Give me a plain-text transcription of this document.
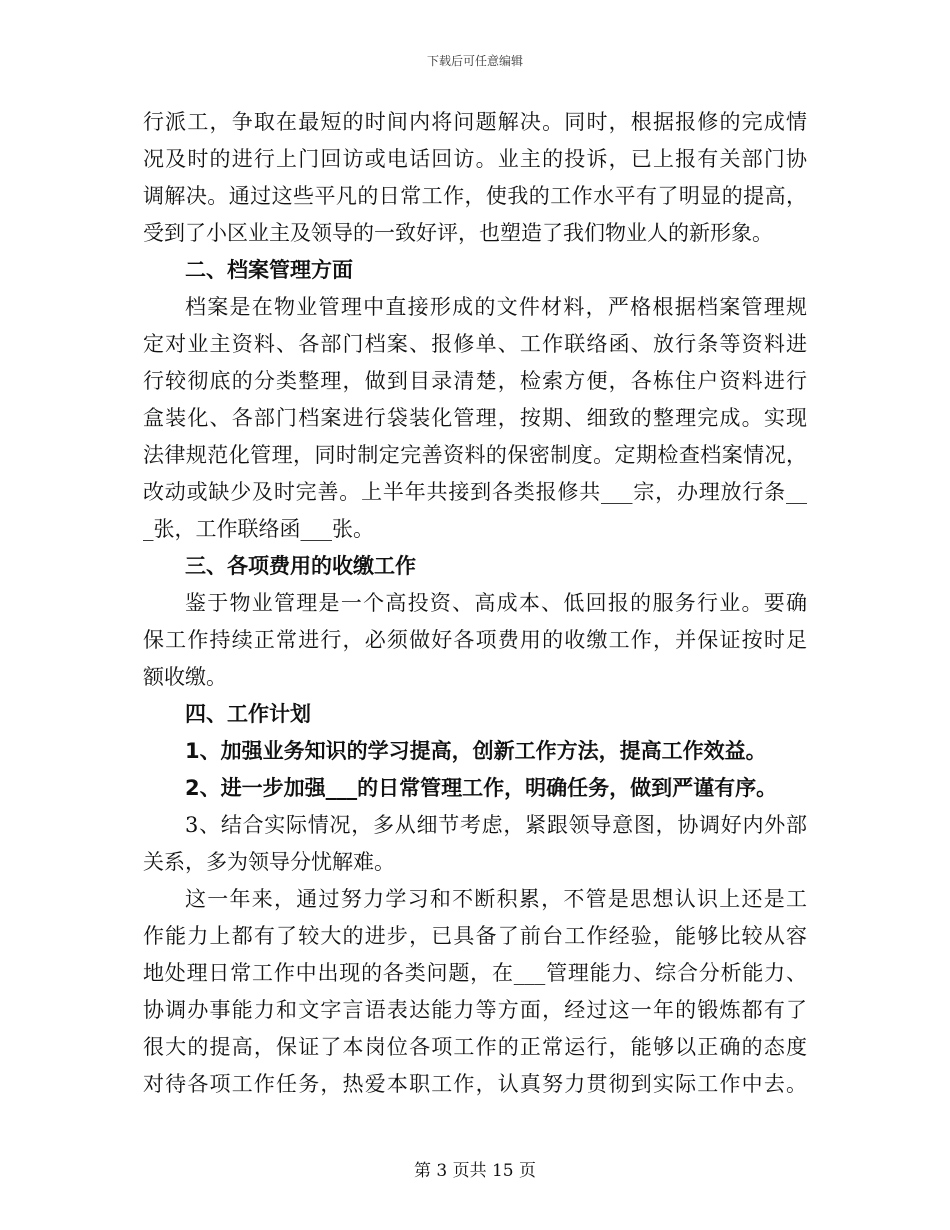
下载后可任意编辑
行派工，争取在最短的时间内将问题解决。同时，根据报修的完成情
况及时的进行上门回访或电话回访。业主的投诉，已上报有关部门协
调解决。通过这些平凡的日常工作，使我的工作水平有了明显的提高，
受到了小区业主及领导的一致好评，也塑造了我们物业人的新形象。
二、档案管理方面
档案是在物业管理中直接形成的文件材料，严格根据档案管理规
定对业主资料、各部门档案、报修单、工作联络函、放行条等资料进
行较彻底的分类整理，做到目录清楚，检索方便，各栋住户资料进行
盒装化、各部门档案进行袋装化管理，按期、细致的整理完成。实现
法律规范化管理，同时制定完善资料的保密制度。定期检查档案情况，
改动或缺少及时完善。上半年共接到各类报修共___宗，办理放行条__
_张，工作联络函___张。
三、各项费用的收缴工作
鉴于物业管理是一个高投资、高成本、低回报的服务行业。要确
保工作持续正常进行，必须做好各项费用的收缴工作，并保证按时足
额收缴。
四、工作计划
1、加强业务知识的学习提高，创新工作方法，提高工作效益。
2、进一步加强___的日常管理工作，明确任务，做到严谨有序。
3、结合实际情况，多从细节考虑，紧跟领导意图，协调好内外部
关系，多为领导分忧解难。
这一年来，通过努力学习和不断积累，不管是思想认识上还是工
作能力上都有了较大的进步，已具备了前台工作经验，能够比较从容
地处理日常工作中出现的各类问题，在___管理能力、综合分析能力、
协调办事能力和文字言语表达能力等方面，经过这一年的锻炼都有了
很大的提高，保证了本岗位各项工作的正常运行，能够以正确的态度
对待各项工作任务，热爱本职工作，认真努力贯彻到实际工作中去。
第 3 页共 15 页
